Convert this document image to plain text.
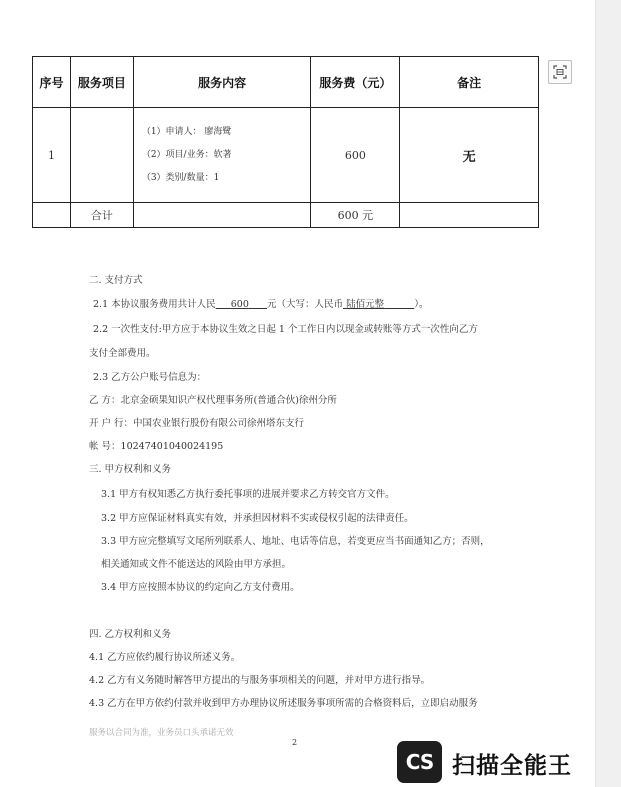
序号	服务项目	服务内容	服务费（元）	备注
1		（1）申请人： 廖海鹭
（2）项目/业务：软著
（3）类别/数量：1	600	无
	合计		600 元	
二. 支付方式
2.1 本协议服务费用共计人民 600 元（大写：人民币 陆佰元整	）。
2.2 一次性支付:甲方应于本协议生效之日起 1 个工作日内以现金或转账等方式一次性向乙方
支付全部费用。
2.3 乙方公户账号信息为：
乙 方：北京金硕果知识产权代理事务所(普通合伙)徐州分所
开 户 行：中国农业银行股份有限公司徐州塔东支行
帐 号：10247401040024195
三. 甲方权利和义务
3.1 甲方有权知悉乙方执行委托事项的进展并要求乙方转交官方文件。
3.2 甲方应保证材料真实有效，并承担因材料不实或侵权引起的法律责任。
3.3 甲方应完整填写文尾所列联系人、地址、电话等信息，若变更应当书面通知乙方；否则，
相关通知或文件不能送达的风险由甲方承担。
3.4 甲方应按照本协议的约定向乙方支付费用。
四. 乙方权利和义务
4.1 乙方应依约履行协议所述义务。
4.2 乙方有义务随时解答甲方提出的与服务事项相关的问题，并对甲方进行指导。
4.3 乙方在甲方依约付款并收到甲方办理协议所述服务事项所需的合格资料后，立即启动服务
服务以合同为准，业务员口头承诺无效
2
CS 扫描全能王
